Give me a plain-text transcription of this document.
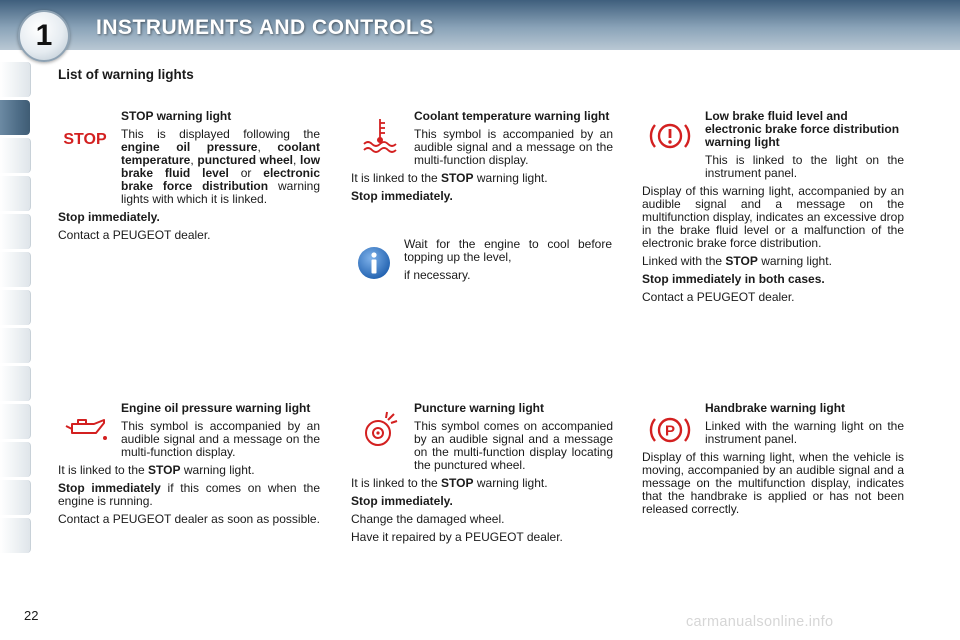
1	INSTRUMENTS AND CONTROLS
List of warning lights
STOP

STOP warning light

This is displayed following the engine oil pressure, coolant temperature, punctured wheel, low brake fluid level or electronic brake force distribution warning lights with which it is linked.

Stop immediately.

Contact a PEUGEOT dealer.

Coolant temperature warning light

This symbol is accompanied by an audible signal and a message on the multi-function display.

It is linked to the STOP warning light.

Stop immediately.

Wait for the engine to cool before topping up the level,

if necessary.

Low brake fluid level and electronic brake force distribution warning light

This is linked to the light on the instrument panel.

Display of this warning light, accompanied by an audible signal and a message on the multifunction display, indicates an excessive drop in the brake fluid level or a malfunction of the electronic brake force distribution.

Linked with the STOP warning light.

Stop immediately in both cases.

Contact a PEUGEOT dealer.

Engine oil pressure warning light

This symbol is accompanied by an audible signal and a message on the multi-function display.

It is linked to the STOP warning light.

Stop immediately if this comes on when the engine is running.

Contact a PEUGEOT dealer as soon as possible.

Puncture warning light

This symbol comes on accompanied by an audible signal and a message on the multi-function display locating the punctured wheel.

It is linked to the STOP warning light.

Stop immediately.

Change the damaged wheel.

Have it repaired by a PEUGEOT dealer.

P

Handbrake warning light

Linked with the warning light on the instrument panel.

Display of this warning light, when the vehicle is moving, accompanied by an audible signal and a message on the multifunction display, indicates that the handbrake is applied or has not been released correctly.

22	carmanualsonline.info
